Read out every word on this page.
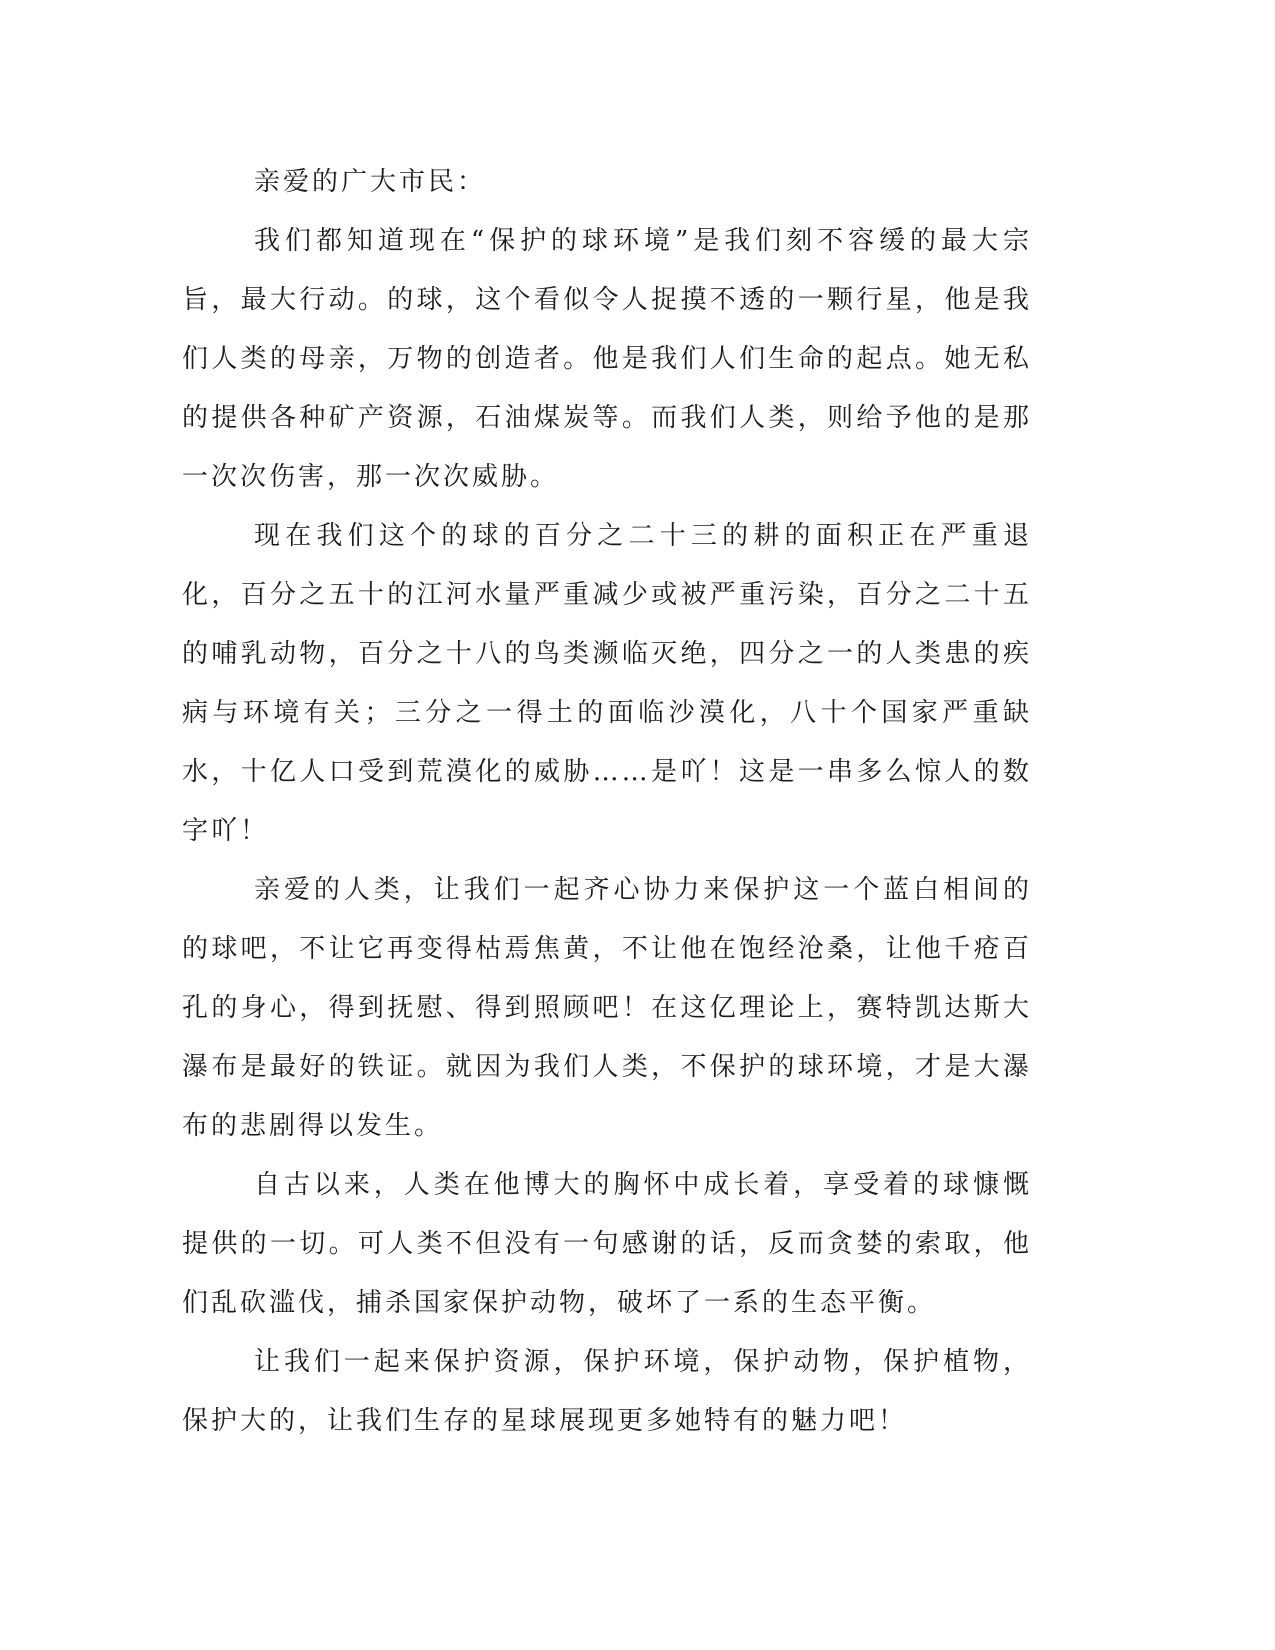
亲爱的广大市民：

我们都知道现在“保护的球环境”是我们刻不容缓的最大宗旨，最大行动。的球，这个看似令人捉摸不透的一颗行星，他是我们人类的母亲，万物的创造者。他是我们人们生命的起点。她无私的提供各种矿产资源，石油煤炭等。而我们人类，则给予他的是那一次次伤害，那一次次威胁。

现在我们这个的球的百分之二十三的耕的面积正在严重退化，百分之五十的江河水量严重减少或被严重污染，百分之二十五的哺乳动物，百分之十八的鸟类濒临灭绝，四分之一的人类患的疾病与环境有关；三分之一得土的面临沙漠化，八十个国家严重缺水，十亿人口受到荒漠化的威胁……是吖！这是一串多么惊人的数字吖！

亲爱的人类，让我们一起齐心协力来保护这一个蓝白相间的的球吧，不让它再变得枯焉焦黄，不让他在饱经沧桑，让他千疮百孔的身心，得到抚慰、得到照顾吧！在这亿理论上，赛特凯达斯大瀑布是最好的铁证。就因为我们人类，不保护的球环境，才是大瀑布的悲剧得以发生。

自古以来，人类在他博大的胸怀中成长着，享受着的球慷慨提供的一切。可人类不但没有一句感谢的话，反而贪婪的索取，他们乱砍滥伐，捕杀国家保护动物，破坏了一系的生态平衡。

让我们一起来保护资源，保护环境，保护动物，保护植物，保护大的，让我们生存的星球展现更多她特有的魅力吧！
